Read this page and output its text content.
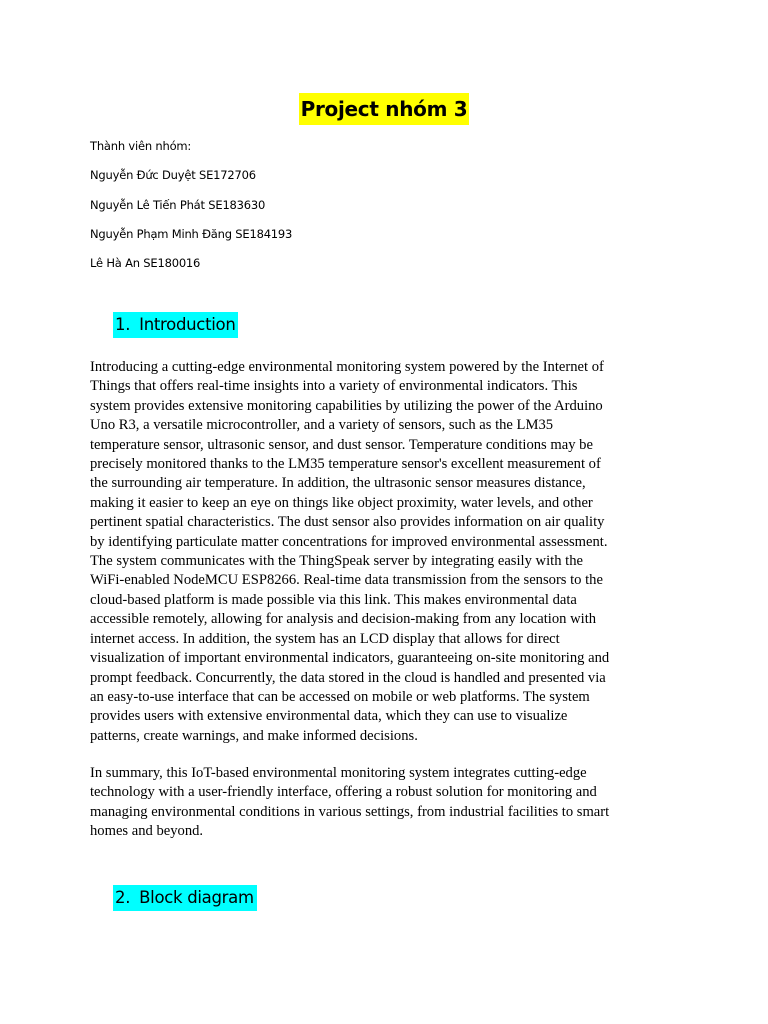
Project nhóm 3
Thành viên nhóm:
Nguyễn Đức Duyệt SE172706
Nguyễn Lê Tiến Phát SE183630
Nguyễn Phạm Minh Đăng SE184193
Lê Hà An SE180016
1. Introduction

Introducing a cutting-edge environmental monitoring system powered by the Internet of
Things that offers real-time insights into a variety of environmental indicators. This
system provides extensive monitoring capabilities by utilizing the power of the Arduino
Uno R3, a versatile microcontroller, and a variety of sensors, such as the LM35
temperature sensor, ultrasonic sensor, and dust sensor. Temperature conditions may be
precisely monitored thanks to the LM35 temperature sensor's excellent measurement of
the surrounding air temperature. In addition, the ultrasonic sensor measures distance,
making it easier to keep an eye on things like object proximity, water levels, and other
pertinent spatial characteristics. The dust sensor also provides information on air quality
by identifying particulate matter concentrations for improved environmental assessment.
The system communicates with the ThingSpeak server by integrating easily with the
WiFi-enabled NodeMCU ESP8266. Real-time data transmission from the sensors to the
cloud-based platform is made possible via this link. This makes environmental data
accessible remotely, allowing for analysis and decision-making from any location with
internet access. In addition, the system has an LCD display that allows for direct
visualization of important environmental indicators, guaranteeing on-site monitoring and
prompt feedback. Concurrently, the data stored in the cloud is handled and presented via
an easy-to-use interface that can be accessed on mobile or web platforms. The system
provides users with extensive environmental data, which they can use to visualize
patterns, create warnings, and make informed decisions.

In summary, this IoT-based environmental monitoring system integrates cutting-edge
technology with a user-friendly interface, offering a robust solution for monitoring and
managing environmental conditions in various settings, from industrial facilities to smart
homes and beyond.

2. Block diagram
